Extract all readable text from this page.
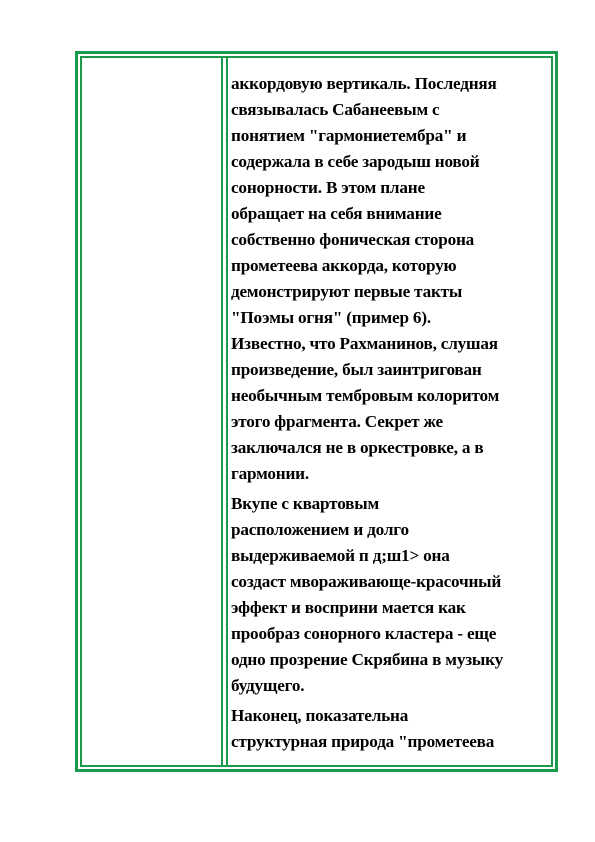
аккордовую вертикаль. Последняя
связывалась Сабанеевым с
понятием "гармониетембра" и
содержала в себе зародыш новой
сонорности. В этом плане
обращает на себя внимание
собственно фоническая сторона
прометеева аккорда, которую
демонстрируют первые такты
"Поэмы огня" (пример 6).
Известно, что Рахманинов, слушая
произведение, был заинтригован
необычным тембровым колоритом
этого фрагмента. Секрет же
заключался не в оркестровке, а в
гармонии.

Вкупе с квартовым
расположением и долго
выдерживаемой п д;ш1> она
создаст мвораживающе-красочный
эффект и восприни мается как
прообраз сонорного кластера - еще
одно прозрение Скрябина в музыку
будущего.

Наконец, показательна
структурная природа "прометеева
